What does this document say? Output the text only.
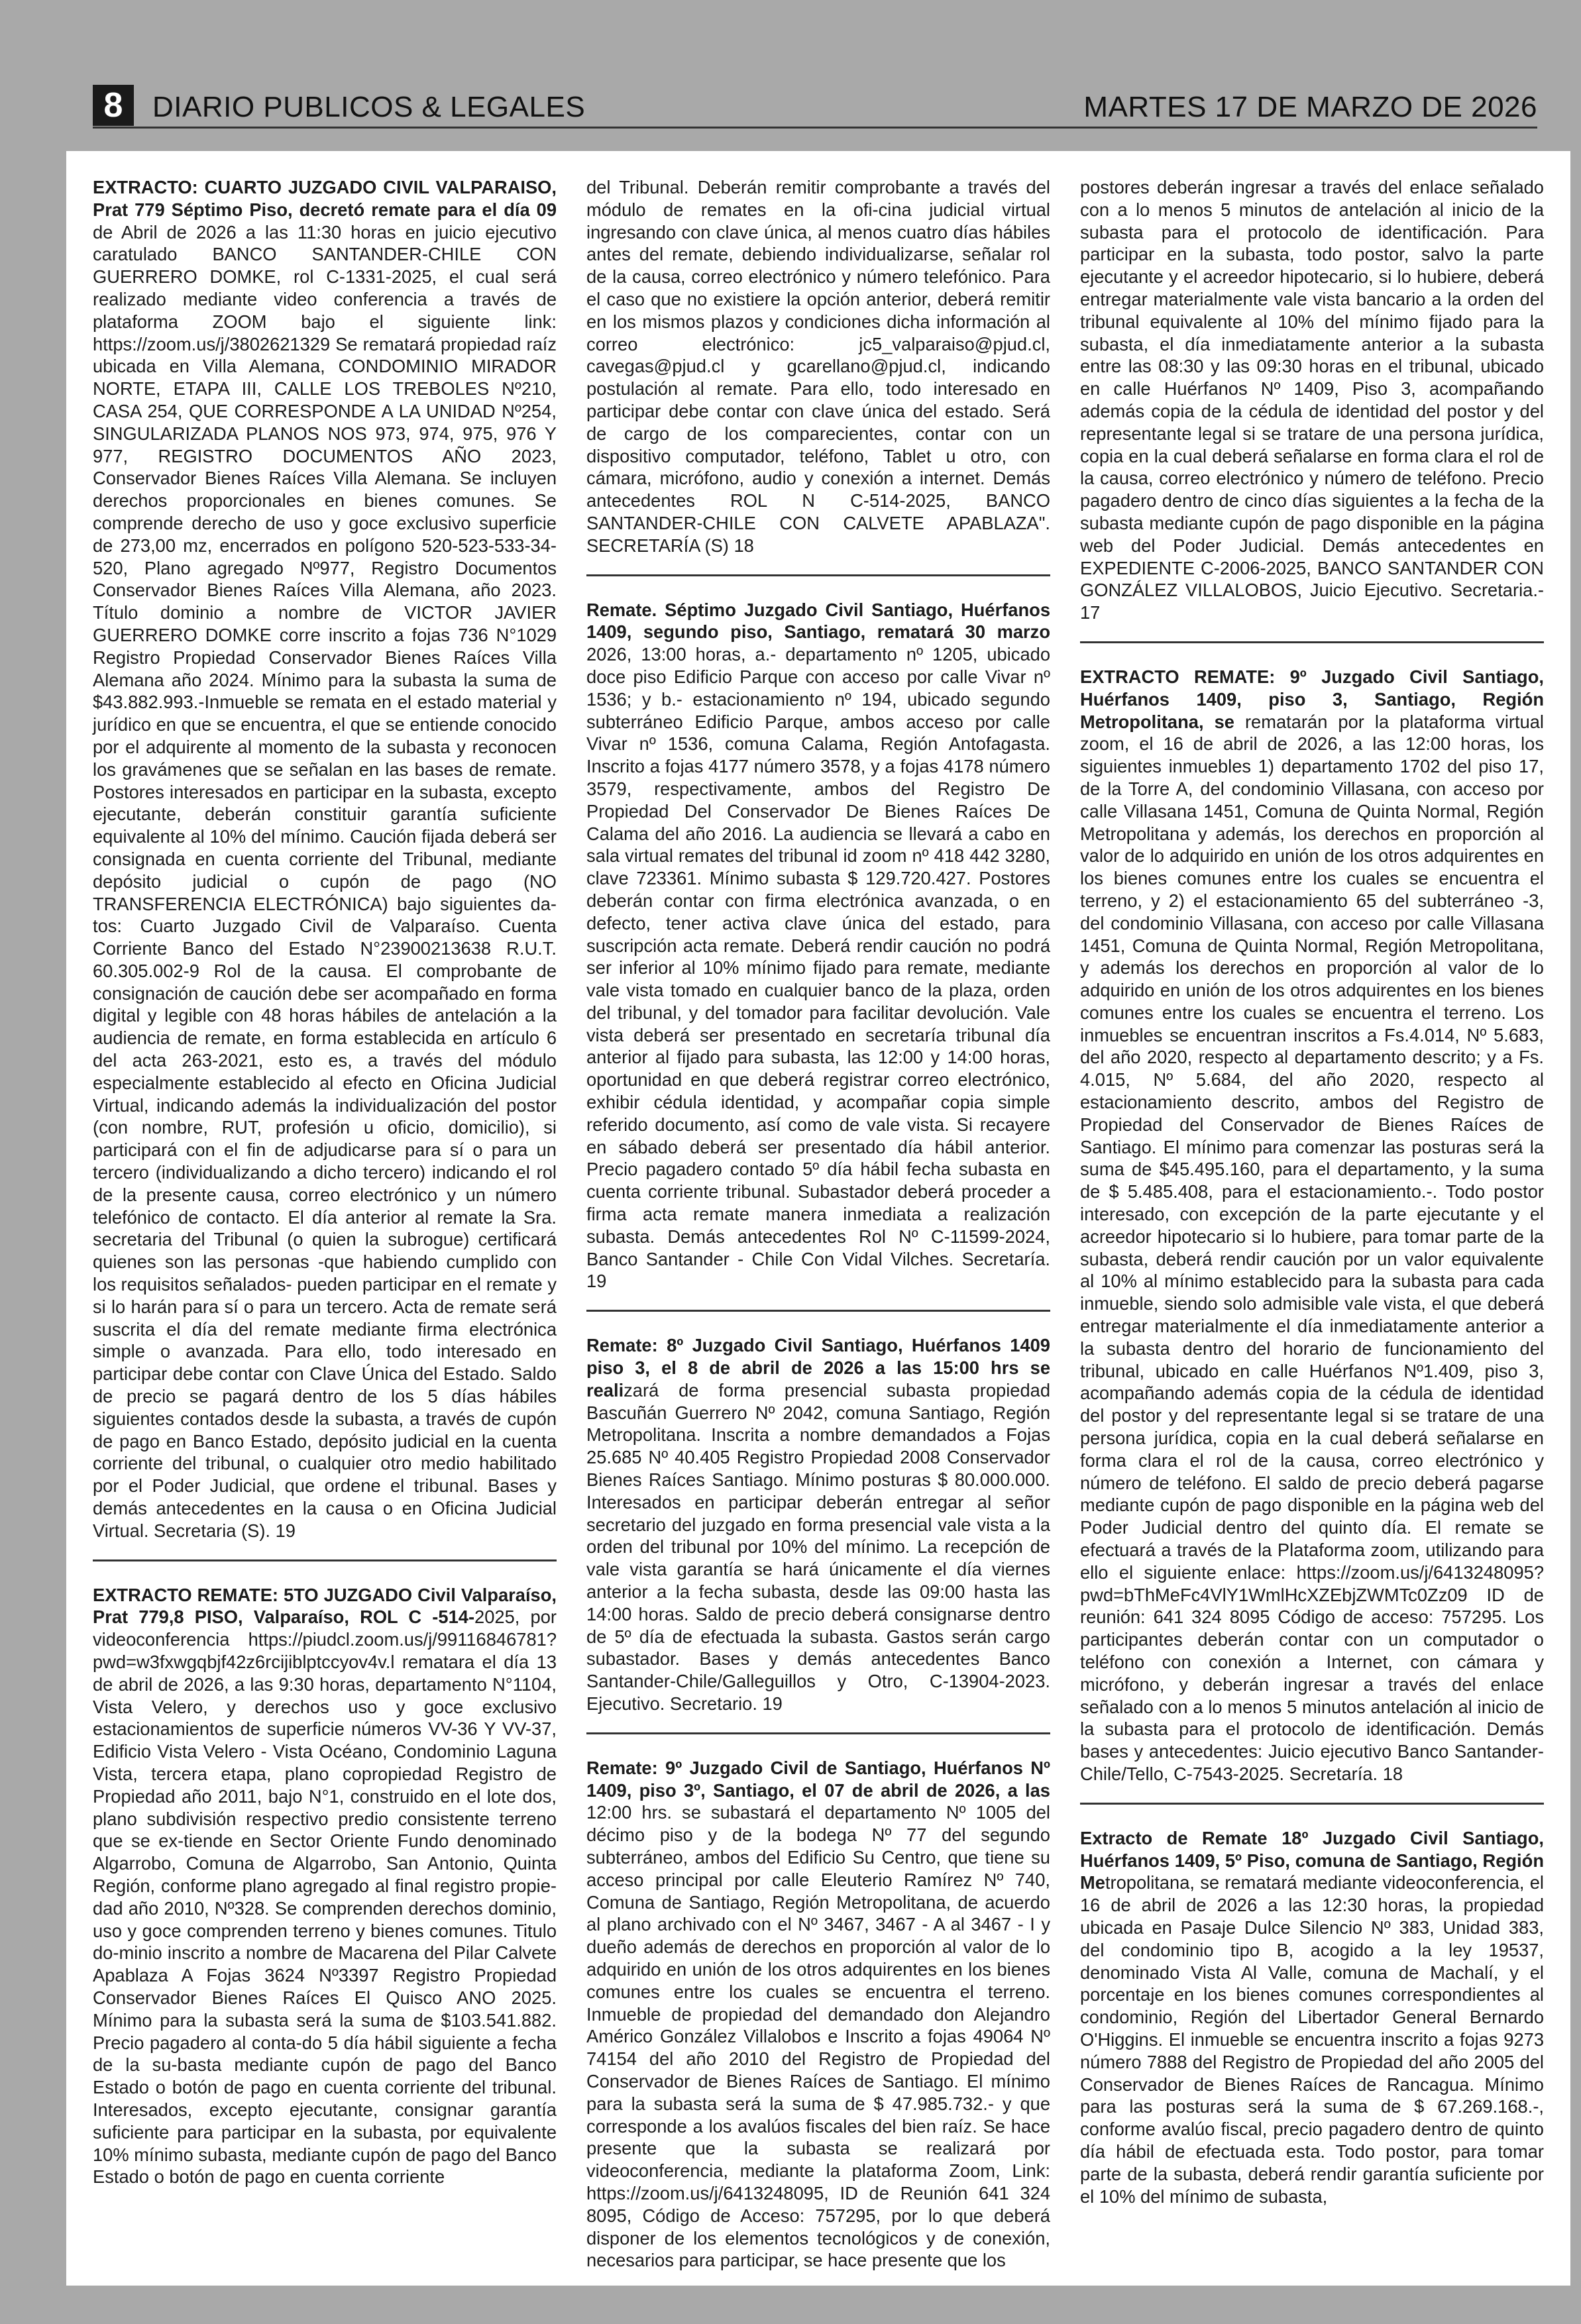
8	DIARIO PUBLICOS & LEGALES	MARTES 17 DE MARZO DE 2026

EXTRACTO: CUARTO JUZGADO CIVIL VALPARAISO, Prat 779 Séptimo Piso, decretó remate para el día 09 de Abril de 2026 a las 11:30 horas en juicio ejecutivo caratulado BANCO SANTANDER-CHILE CON GUERRERO DOMKE, rol C-1331-2025, el cual será realizado mediante video conferencia a través de plataforma ZOOM bajo el siguiente link: https://zoom.us/j/3802621329 Se rematará propiedad raíz ubicada en Villa Alemana, CONDOMINIO MIRADOR NORTE, ETAPA III, CALLE LOS TREBOLES Nº210, CASA 254, QUE CORRESPONDE A LA UNIDAD Nº254, SINGULARIZADA PLANOS NOS 973, 974, 975, 976 Y 977, REGISTRO DOCUMENTOS AÑO 2023, Conservador Bienes Raíces Villa Alemana. Se incluyen derechos proporcionales en bienes comunes. Se comprende derecho de uso y goce exclusivo superficie de 273,00 mz, encerrados en polígono 520-523-533-34-520, Plano agregado Nº977, Registro Documentos Conservador Bienes Raíces Villa Alemana, año 2023. Título dominio a nombre de VICTOR JAVIER GUERRERO DOMKE corre inscrito a fojas 736 N°1029 Registro Propiedad Conservador Bienes Raíces Villa Alemana año 2024. Mínimo para la subasta la suma de $43.882.993.-Inmueble se remata en el estado material y jurídico en que se encuentra, el que se entiende conocido por el adquirente al momento de la subasta y reconocen los gravámenes que se señalan en las bases de remate. Postores interesados en participar en la subasta, excepto ejecutante, deberán constituir garantía suficiente equivalente al 10% del mínimo. Caución fijada deberá ser consignada en cuenta corriente del Tribunal, mediante depósito judicial o cupón de pago (NO TRANSFERENCIA ELECTRÓNICA) bajo siguientes da-tos: Cuarto Juzgado Civil de Valparaíso. Cuenta Corriente Banco del Estado N°23900213638 R.U.T. 60.305.002-9 Rol de la causa. El comprobante de consignación de caución debe ser acompañado en forma digital y legible con 48 horas hábiles de antelación a la audiencia de remate, en forma establecida en artículo 6 del acta 263-2021, esto es, a través del módulo especialmente establecido al efecto en Oficina Judicial Virtual, indicando además la individualización del postor (con nombre, RUT, profesión u oficio, domicilio), si participará con el fin de adjudicarse para sí o para un tercero (individualizando a dicho tercero) indicando el rol de la presente causa, correo electrónico y un número telefónico de contacto. El día anterior al remate la Sra. secretaria del Tribunal (o quien la subrogue) certificará quienes son las personas -que habiendo cumplido con los requisitos señalados- pueden participar en el remate y si lo harán para sí o para un tercero. Acta de remate será suscrita el día del remate mediante firma electrónica simple o avanzada. Para ello, todo interesado en participar debe contar con Clave Única del Estado. Saldo de precio se pagará dentro de los 5 días hábiles siguientes contados desde la subasta, a través de cupón de pago en Banco Estado, depósito judicial en la cuenta corriente del tribunal, o cualquier otro medio habilitado por el Poder Judicial, que ordene el tribunal. Bases y demás antecedentes en la causa o en Oficina Judicial Virtual. Secretaria (S). 19

EXTRACTO REMATE: 5TO JUZGADO Civil Valparaíso, Prat 779,8 PISO, Valparaíso, ROL C -514-2025, por videoconferencia https://piudcl.zoom.us/j/99116846781?pwd=w3fxwgqbjf42z6rcijiblptccyov4v.l rematara el día 13 de abril de 2026, a las 9:30 horas, departamento N°1104, Vista Velero, y derechos uso y goce exclusivo estacionamientos de superficie números VV-36 Y VV-37, Edificio Vista Velero - Vista Océano, Condominio Laguna Vista, tercera etapa, plano copropiedad Registro de Propiedad año 2011, bajo N°1, construido en el lote dos, plano subdivisión respectivo predio consistente terreno que se ex-tiende en Sector Oriente Fundo denominado Algarrobo, Comuna de Algarrobo, San Antonio, Quinta Región, conforme plano agregado al final registro propie-dad año 2010, Nº328. Se comprenden derechos dominio, uso y goce comprenden terreno y bienes comunes. Titulo do-minio inscrito a nombre de Macarena del Pilar Calvete Apablaza A Fojas 3624 Nº3397 Registro Propiedad Conservador Bienes Raíces El Quisco ANO 2025. Mínimo para la subasta será la suma de $103.541.882. Precio pagadero al conta-do 5 día hábil siguiente a fecha de la su-basta mediante cupón de pago del Banco Estado o botón de pago en cuenta corriente del tribunal. Interesados, excepto ejecutante, consignar garantía suficiente para participar en la subasta, por equivalente 10% mínimo subasta, mediante cupón de pago del Banco Estado o botón de pago en cuenta corriente

del Tribunal. Deberán remitir comprobante a través del módulo de remates en la ofi-cina judicial virtual ingresando con clave única, al menos cuatro días hábiles antes del remate, debiendo individualizarse, señalar rol de la causa, correo electrónico y número telefónico. Para el caso que no existiere la opción anterior, deberá remitir en los mismos plazos y condiciones dicha información al correo electrónico: jc5_valparaiso@pjud.cl, cavegas@pjud.cl y gcarellano@pjud.cl, indicando postulación al remate. Para ello, todo interesado en participar debe contar con clave única del estado. Será de cargo de los comparecientes, contar con un dispositivo computador, teléfono, Tablet u otro, con cámara, micrófono, audio y conexión a internet. Demás antecedentes ROL N C-514-2025, BANCO SANTANDER-CHILE CON CALVETE APABLAZA". SECRETARÍA (S) 18

Remate. Séptimo Juzgado Civil Santiago, Huérfanos 1409, segundo piso, Santiago, rematará 30 marzo 2026, 13:00 horas, a.- departamento nº 1205, ubicado doce piso Edificio Parque con acceso por calle Vivar nº 1536; y b.- estacionamiento nº 194, ubicado segundo subterráneo Edificio Parque, ambos acceso por calle Vivar nº 1536, comuna Calama, Región Antofagasta. Inscrito a fojas 4177 número 3578, y a fojas 4178 número 3579, respectivamente, ambos del Registro De Propiedad Del Conservador De Bienes Raíces De Calama del año 2016. La audiencia se llevará a cabo en sala virtual remates del tribunal id zoom nº 418 442 3280, clave 723361. Mínimo subasta $ 129.720.427. Postores deberán contar con firma electrónica avanzada, o en defecto, tener activa clave única del estado, para suscripción acta remate. Deberá rendir caución no podrá ser inferior al 10% mínimo fijado para remate, mediante vale vista tomado en cualquier banco de la plaza, orden del tribunal, y del tomador para facilitar devolución. Vale vista deberá ser presentado en secretaría tribunal día anterior al fijado para subasta, las 12:00 y 14:00 horas, oportunidad en que deberá registrar correo electrónico, exhibir cédula identidad, y acompañar copia simple referido documento, así como de vale vista. Si recayere en sábado deberá ser presentado día hábil anterior. Precio pagadero contado 5º día hábil fecha subasta en cuenta corriente tribunal. Subastador deberá proceder a firma acta remate manera inmediata a realización subasta. Demás antecedentes Rol Nº C-11599-2024, Banco Santander - Chile Con Vidal Vilches. Secretaría. 19

Remate: 8º Juzgado Civil Santiago, Huérfanos 1409 piso 3, el 8 de abril de 2026 a las 15:00 hrs se realizará de forma presencial subasta propiedad Bascuñán Guerrero Nº 2042, comuna Santiago, Región Metropolitana. Inscrita a nombre demandados a Fojas 25.685 Nº 40.405 Registro Propiedad 2008 Conservador Bienes Raíces Santiago. Mínimo posturas $ 80.000.000. Interesados en participar deberán entregar al señor secretario del juzgado en forma presencial vale vista a la orden del tribunal por 10% del mínimo. La recepción de vale vista garantía se hará únicamente el día viernes anterior a la fecha subasta, desde las 09:00 hasta las 14:00 horas. Saldo de precio deberá consignarse dentro de 5º día de efectuada la subasta. Gastos serán cargo subastador. Bases y demás antecedentes Banco Santander-Chile/Galleguillos y Otro, C-13904-2023. Ejecutivo. Secretario. 19

Remate: 9º Juzgado Civil de Santiago, Huérfanos Nº 1409, piso 3º, Santiago, el 07 de abril de 2026, a las 12:00 hrs. se subastará el departamento Nº 1005 del décimo piso y de la bodega Nº 77 del segundo subterráneo, ambos del Edificio Su Centro, que tiene su acceso principal por calle Eleuterio Ramírez Nº 740, Comuna de Santiago, Región Metropolitana, de acuerdo al plano archivado con el Nº 3467, 3467 - A al 3467 - I y dueño además de derechos en proporción al valor de lo adquirido en unión de los otros adquirentes en los bienes comunes entre los cuales se encuentra el terreno. Inmueble de propiedad del demandado don Alejandro Américo González Villalobos e Inscrito a fojas 49064 Nº 74154 del año 2010 del Registro de Propiedad del Conservador de Bienes Raíces de Santiago. El mínimo para la subasta será la suma de $ 47.985.732.- y que corresponde a los avalúos fiscales del bien raíz. Se hace presente que la subasta se realizará por videoconferencia, mediante la plataforma Zoom, Link: https://zoom.us/j/6413248095, ID de Reunión 641 324 8095, Código de Acceso: 757295, por lo que deberá disponer de los elementos tecnológicos y de conexión, necesarios para participar, se hace presente que los

postores deberán ingresar a través del enlace señalado con a lo menos 5 minutos de antelación al inicio de la subasta para el protocolo de identificación. Para participar en la subasta, todo postor, salvo la parte ejecutante y el acreedor hipotecario, si lo hubiere, deberá entregar materialmente vale vista bancario a la orden del tribunal equivalente al 10% del mínimo fijado para la subasta, el día inmediatamente anterior a la subasta entre las 08:30 y las 09:30 horas en el tribunal, ubicado en calle Huérfanos Nº 1409, Piso 3, acompañando además copia de la cédula de identidad del postor y del representante legal si se tratare de una persona jurídica, copia en la cual deberá señalarse en forma clara el rol de la causa, correo electrónico y número de teléfono. Precio pagadero dentro de cinco días siguientes a la fecha de la subasta mediante cupón de pago disponible en la página web del Poder Judicial. Demás antecedentes en EXPEDIENTE C-2006-2025, BANCO SANTANDER CON GONZÁLEZ VILLALOBOS, Juicio Ejecutivo. Secretaria.- 17

EXTRACTO REMATE: 9º Juzgado Civil Santiago, Huérfanos 1409, piso 3, Santiago, Región Metropolitana, se rematarán por la plataforma virtual zoom, el 16 de abril de 2026, a las 12:00 horas, los siguientes inmuebles 1) departamento 1702 del piso 17, de la Torre A, del condominio Villasana, con acceso por calle Villasana 1451, Comuna de Quinta Normal, Región Metropolitana y además, los derechos en proporción al valor de lo adquirido en unión de los otros adquirentes en los bienes comunes entre los cuales se encuentra el terreno, y 2) el estacionamiento 65 del subterráneo -3, del condominio Villasana, con acceso por calle Villasana 1451, Comuna de Quinta Normal, Región Metropolitana, y además los derechos en proporción al valor de lo adquirido en unión de los otros adquirentes en los bienes comunes entre los cuales se encuentra el terreno. Los inmuebles se encuentran inscritos a Fs.4.014, Nº 5.683, del año 2020, respecto al departamento descrito; y a Fs. 4.015, Nº 5.684, del año 2020, respecto al estacionamiento descrito, ambos del Registro de Propiedad del Conservador de Bienes Raíces de Santiago. El mínimo para comenzar las posturas será la suma de $45.495.160, para el departamento, y la suma de $ 5.485.408, para el estacionamiento.-. Todo postor interesado, con excepción de la parte ejecutante y el acreedor hipotecario si lo hubiere, para tomar parte de la subasta, deberá rendir caución por un valor equivalente al 10% al mínimo establecido para la subasta para cada inmueble, siendo solo admisible vale vista, el que deberá entregar materialmente el día inmediatamente anterior a la subasta dentro del horario de funcionamiento del tribunal, ubicado en calle Huérfanos Nº1.409, piso 3, acompañando además copia de la cédula de identidad del postor y del representante legal si se tratare de una persona jurídica, copia en la cual deberá señalarse en forma clara el rol de la causa, correo electrónico y número de teléfono. El saldo de precio deberá pagarse mediante cupón de pago disponible en la página web del Poder Judicial dentro del quinto día. El remate se efectuará a través de la Plataforma zoom, utilizando para ello el siguiente enlace: https://zoom.us/j/6413248095? pwd=bThMeFc4VlY1WmlHcXZEbjZWMTc0Zz09 ID de reunión: 641 324 8095 Código de acceso: 757295. Los participantes deberán contar con un computador o teléfono con conexión a Internet, con cámara y micrófono, y deberán ingresar a través del enlace señalado con a lo menos 5 minutos antelación al inicio de la subasta para el protocolo de identificación. Demás bases y antecedentes: Juicio ejecutivo Banco Santander- Chile/Tello, C-7543-2025. Secretaría. 18

Extracto de Remate 18º Juzgado Civil Santiago, Huérfanos 1409, 5º Piso, comuna de Santiago, Región Metropolitana, se rematará mediante videoconferencia, el 16 de abril de 2026 a las 12:30 horas, la propiedad ubicada en Pasaje Dulce Silencio Nº 383, Unidad 383, del condominio tipo B, acogido a la ley 19537, denominado Vista Al Valle, comuna de Machalí, y el porcentaje en los bienes comunes correspondientes al condominio, Región del Libertador General Bernardo O'Higgins. El inmueble se encuentra inscrito a fojas 9273 número 7888 del Registro de Propiedad del año 2005 del Conservador de Bienes Raíces de Rancagua. Mínimo para las posturas será la suma de $ 67.269.168.-, conforme avalúo fiscal, precio pagadero dentro de quinto día hábil de efectuada esta. Todo postor, para tomar parte de la subasta, deberá rendir garantía suficiente por el 10% del mínimo de subasta,
